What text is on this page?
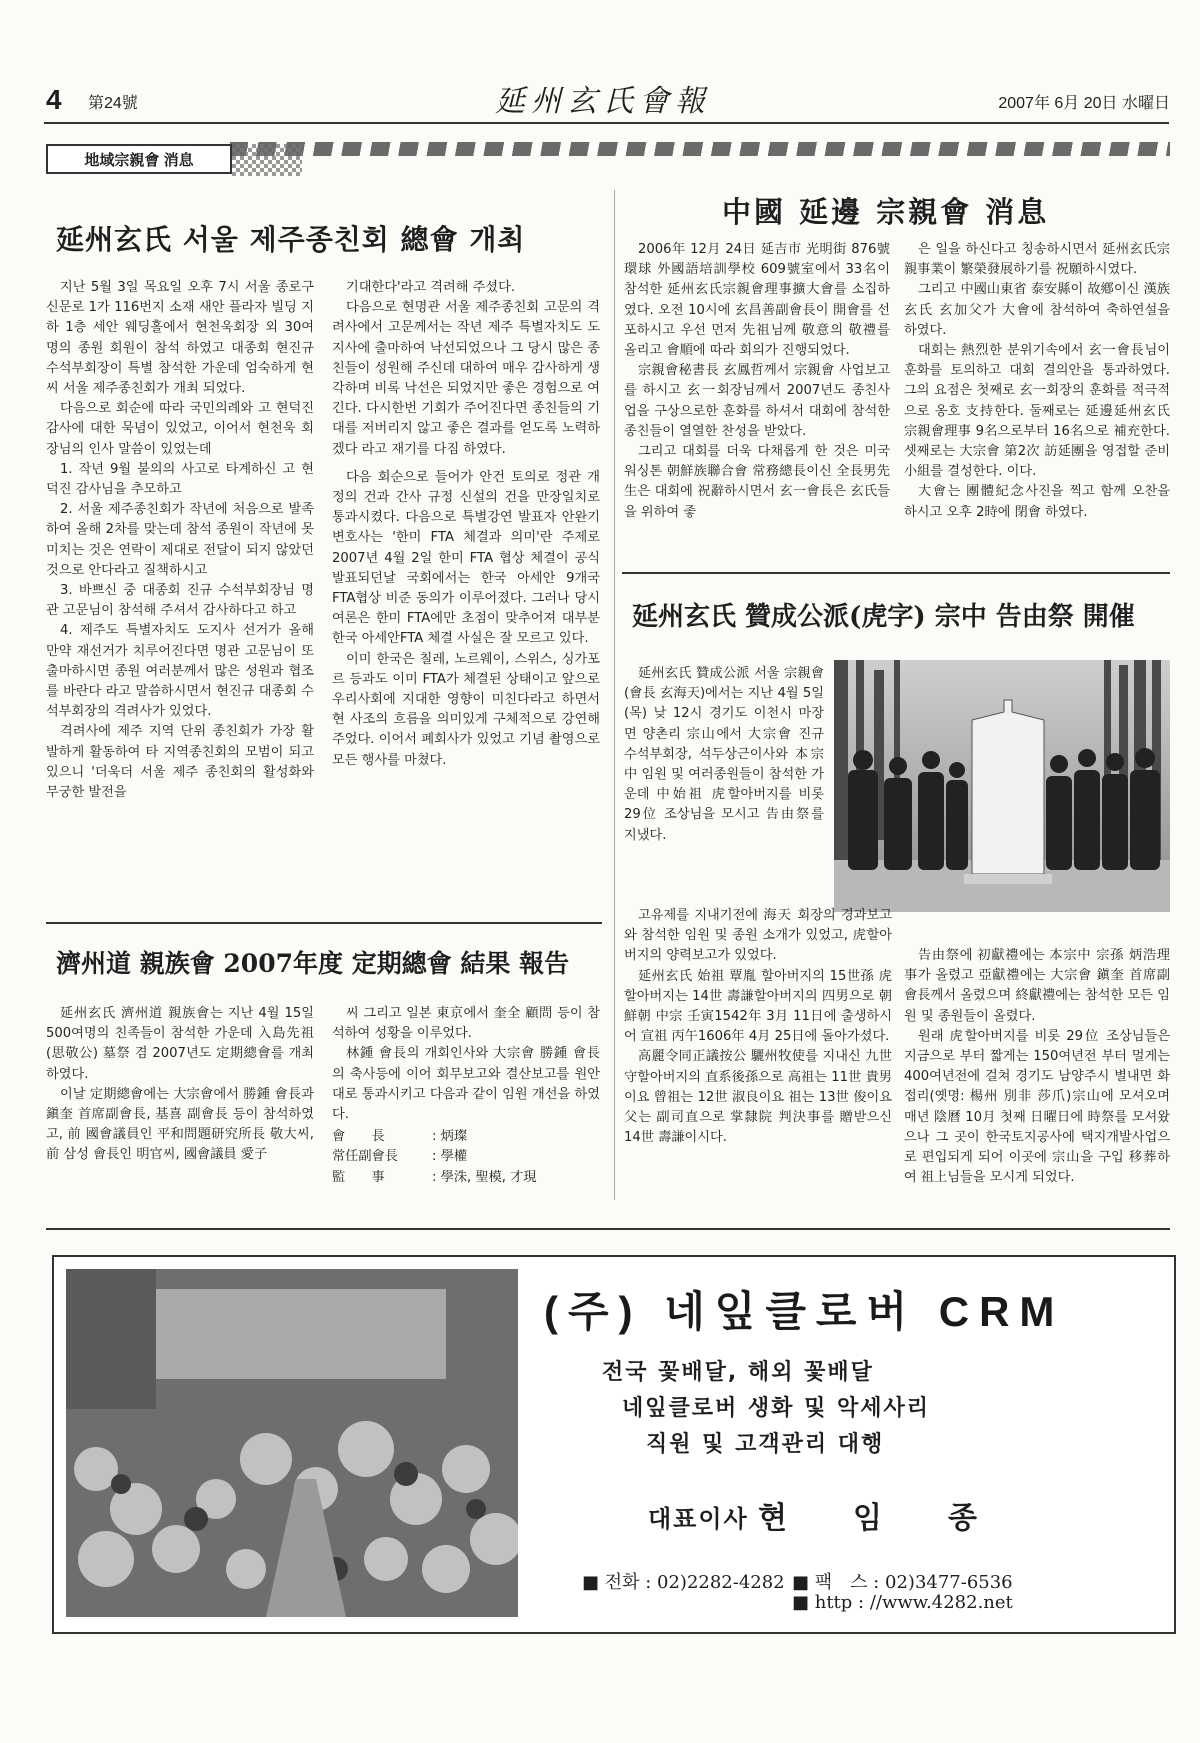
4 第24號	延州玄氏會報	2007年 6月 20日 水曜日
地域宗親會 消息
延州玄氏 서울 제주종친회 總會 개최

지난 5월 3일 목요일 오후 7시 서울 종로구 신문로 1가 116번지 소재 새안 플라자 빌딩 지하 1층 세안 웨딩홀에서 현천욱회장 외 30여 명의 종원 회원이 참석 하였고 대종회 현진규 수석부회장이 특별 참석한 가운데 엄숙하게 현씨 서울 제주종친회가 개최 되었다.

다음으로 회순에 따라 국민의례와 고 현덕진 감사에 대한 묵념이 있었고, 이어서 현천욱 회장님의 인사 말씀이 있었는데

1. 작년 9월 불의의 사고로 타계하신 고 현덕진 감사님을 추모하고

2. 서울 제주종친회가 작년에 처음으로 발족하여 올해 2차를 맞는데 참석 종원이 작년에 못미치는 것은 연락이 제대로 전달이 되지 않았던 것으로 안다라고 질책하시고

3. 바쁘신 중 대종회 진규 수석부회장님 명관 고문님이 참석해 주셔서 감사하다고 하고

4. 제주도 특별자치도 도지사 선거가 올해 만약 재선거가 치루어진다면 명관 고문님이 또 출마하시면 종원 여러분께서 많은 성원과 협조를 바란다 라고 말씀하시면서 현진규 대종회 수석부회장의 격려사가 있었다.

격려사에 제주 지역 단위 종친회가 가장 활발하게 활동하여 타 지역종친회의 모범이 되고 있으니 '더욱더 서울 제주 종친회의 활성화와 무궁한 발전을

기대한다'라고 격려해 주셨다.

다음으로 현명관 서울 제주종친회 고문의 격려사에서 고문께서는 작년 제주 특별자치도 도지사에 출마하여 낙선되었으나 그 당시 많은 종친들이 성원해 주신데 대하여 매우 감사하게 생각하며 비록 낙선은 되었지만 좋은 경험으로 여긴다. 다시한번 기회가 주어진다면 종친들의 기대를 저버리지 않고 좋은 결과를 얻도록 노력하겠다 라고 재기를 다짐 하였다.

다음 회순으로 들어가 안건 토의로 정관 개정의 건과 간사 규정 신설의 건을 만장일치로 통과시켰다. 다음으로 특별강연 발표자 안완기 변호사는 '한미 FTA 체결과 의미'란 주제로 2007년 4월 2일 한미 FTA 협상 체결이 공식 발표되던날 국회에서는 한국 아세안 9개국 FTA협상 비준 동의가 이루어졌다. 그러나 당시 여론은 한미 FTA에만 초점이 맞추어져 대부분 한국 아세안FTA 체결 사실은 잘 모르고 있다.

이미 한국은 칠레, 노르웨이, 스위스, 싱가포르 등과도 이미 FTA가 체결된 상태이고 앞으로 우리사회에 지대한 영향이 미친다라고 하면서 현 사조의 흐름을 의미있게 구체적으로 강연해 주었다. 이어서 폐회사가 있었고 기념 촬영으로 모든 행사를 마쳤다.

濟州道 親族會 2007年度 定期總會 結果 報告

延州玄氏 濟州道 親族會는 지난 4월 15일 500여명의 친족들이 참석한 가운데 入島先祖(思敬公) 墓祭 겸 2007년도 定期總會를 개최하였다.

이날 定期總會에는 大宗會에서 勝鍾 會長과 鎭奎 首席副會長, 基喜 副會長 등이 참석하였고, 前 國會議員인 平和問題研究所長 敬大씨, 前 삼성 會長인 明官씨, 國會議員 愛子

씨 그리고 일본 東京에서 奎全 顧問 등이 참석하여 성황을 이루었다.

林鍾 會長의 개회인사와 大宗會 勝鍾 會長의 축사등에 이어 회무보고와 결산보고를 원안대로 통과시키고 다음과 같이 임원 개선을 하였다.

會　　長	: 炳璨
常任副會長	: 學權
監　　事	: 學洙, 聖模, 才現
中國 延邊 宗親會 消息

2006年 12月 24日 延吉市 光明街 876號 環球 外國語培訓學校 609號室에서 33名이 참석한 延州玄氏宗親會理事擴大會를 소집하였다. 오전 10시에 玄昌善副會長이 開會를 선포하시고 우선 먼저 先祖님께 敬意의 敬禮를 올리고 會順에 따라 회의가 진행되었다.

宗親會秘書長 玄鳳哲께서 宗親會 사업보고를 하시고 玄一회장님께서 2007년도 종친사업을 구상으로한 훈화를 하셔서 대회에 참석한 종친들이 열열한 찬성을 받았다.

그리고 대회를 더욱 다채롭게 한 것은 미국 워싱톤 朝鮮族聯合會 常務總長이신 全長男先生은 대회에 祝辭하시면서 玄一會長은 玄氏들을 위하여 좋

은 일을 하신다고 칭송하시면서 延州玄氏宗親事業이 繁榮發展하기를 祝願하시였다.

그리고 中國山東省 泰安縣이 故鄕이신 漢族玄氏 玄加父가 大會에 참석하여 축하연설을 하였다.

대회는 熱烈한 분위기속에서 玄一會長님이 훈화를 토의하고 대회 결의안을 통과하였다. 그의 요점은 첫째로 玄一회장의 훈화를 적극적으로 옹호 支持한다. 둘째로는 延邊延州玄氏 宗親會理事 9名으로부터 16名으로 補充한다. 셋째로는 大宗會 第2次 訪延團을 영접할 준비 小組를 결성한다. 이다.

大會는 團體紀念사진을 찍고 함께 오찬을 하시고 오후 2時에 閉會 하였다.

延州玄氏 贊成公派(虎字) 宗中 告由祭 開催

延州玄氏 贊成公派 서울 宗親會(會長 玄海天)에서는 지난 4월 5일(목) 낮 12시 경기도 이천시 마장면 양촌리 宗山에서 大宗會 진규 수석부회장, 석두상근이사와 本宗中 임원 및 여러종원들이 참석한 가운데 中始祖 虎할아버지를 비롯 29位 조상님을 모시고 告由祭를 지냈다.

고유제를 지내기전에 海天 회장의 경과보고와 참석한 임원 및 종원 소개가 있었고, 虎할아버지의 양력보고가 있었다.

延州玄氏 始祖 覃胤 할아버지의 15世孫 虎할아버지는 14世 壽謙할아버지의 四男으로 朝鮮朝 中宗 壬寅1542年 3月 11日에 출생하시어 宣祖 丙午1606年 4月 25日에 돌아가셨다.

高麗令同正議按公 驪州牧使를 지내신 九世 守할아버지의 直系後孫으로 高祖는 11世 貴男이요 曾祖는 12世 淑良이요 祖는 13世 俊이요 父는 副司直으로 掌隸院 判決事를 贈받으신 14世 壽謙이시다.

告由祭에 初獻禮에는 本宗中 宗孫 炳浩理事가 올렸고 亞獻禮에는 大宗會 鎭奎 首席副會長께서 올렸으며 終獻禮에는 참석한 모든 임원 및 종원들이 올렸다.

원래 虎할아버지를 비롯 29位 조상님들은 지금으로 부터 짧게는 150여년전 부터 멀게는 400여년전에 걸쳐 경기도 남양주시 별내면 화접리(옛명: 楊州 別非 莎爪)宗山에 모셔오며 매년 陰曆 10月 첫째 日曜日에 時祭를 모셔왔으나 그 곳이 한국토지공사에 택지개발사업으로 편입되게 되어 이곳에 宗山을 구입 移葬하여 祖上님들을 모시게 되었다.

(주) 네잎클로버 CRM
전국 꽃배달, 해외 꽃배달
네잎클로버 생화 및 악세사리
직원 및 고객관리 대행
대표이사 현　　임　　종
■ 전화 : 02)2282-4282 ■ 팩　스 : 02)3477-6536
■ http : //www.4282.net
